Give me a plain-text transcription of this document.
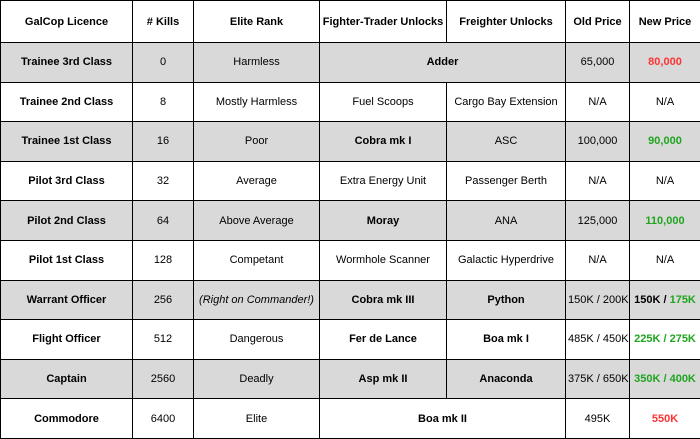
GalCop Licence	# Kills	Elite Rank	Fighter-Trader Unlocks	Freighter Unlocks	Old Price	New Price
Trainee 3rd Class	0	Harmless	Adder		65,000	80,000
Trainee 2nd Class	8	Mostly Harmless	Fuel Scoops	Cargo Bay Extension	N/A	N/A
Trainee 1st Class	16	Poor	Cobra mk I	ASC	100,000	90,000
Pilot 3rd Class	32	Average	Extra Energy Unit	Passenger Berth	N/A	N/A
Pilot 2nd Class	64	Above Average	Moray	ANA	125,000	110,000
Pilot 1st Class	128	Competant	Wormhole Scanner	Galactic Hyperdrive	N/A	N/A
Warrant Officer	256	(Right on Commander!)	Cobra mk III	Python	150K / 200K	150K / 175K
Flight Officer	512	Dangerous	Fer de Lance	Boa mk I	485K / 450K	225K / 275K
Captain	2560	Deadly	Asp mk II	Anaconda	375K / 650K	350K / 400K
Commodore	6400	Elite	Boa mk II		495K	550K
